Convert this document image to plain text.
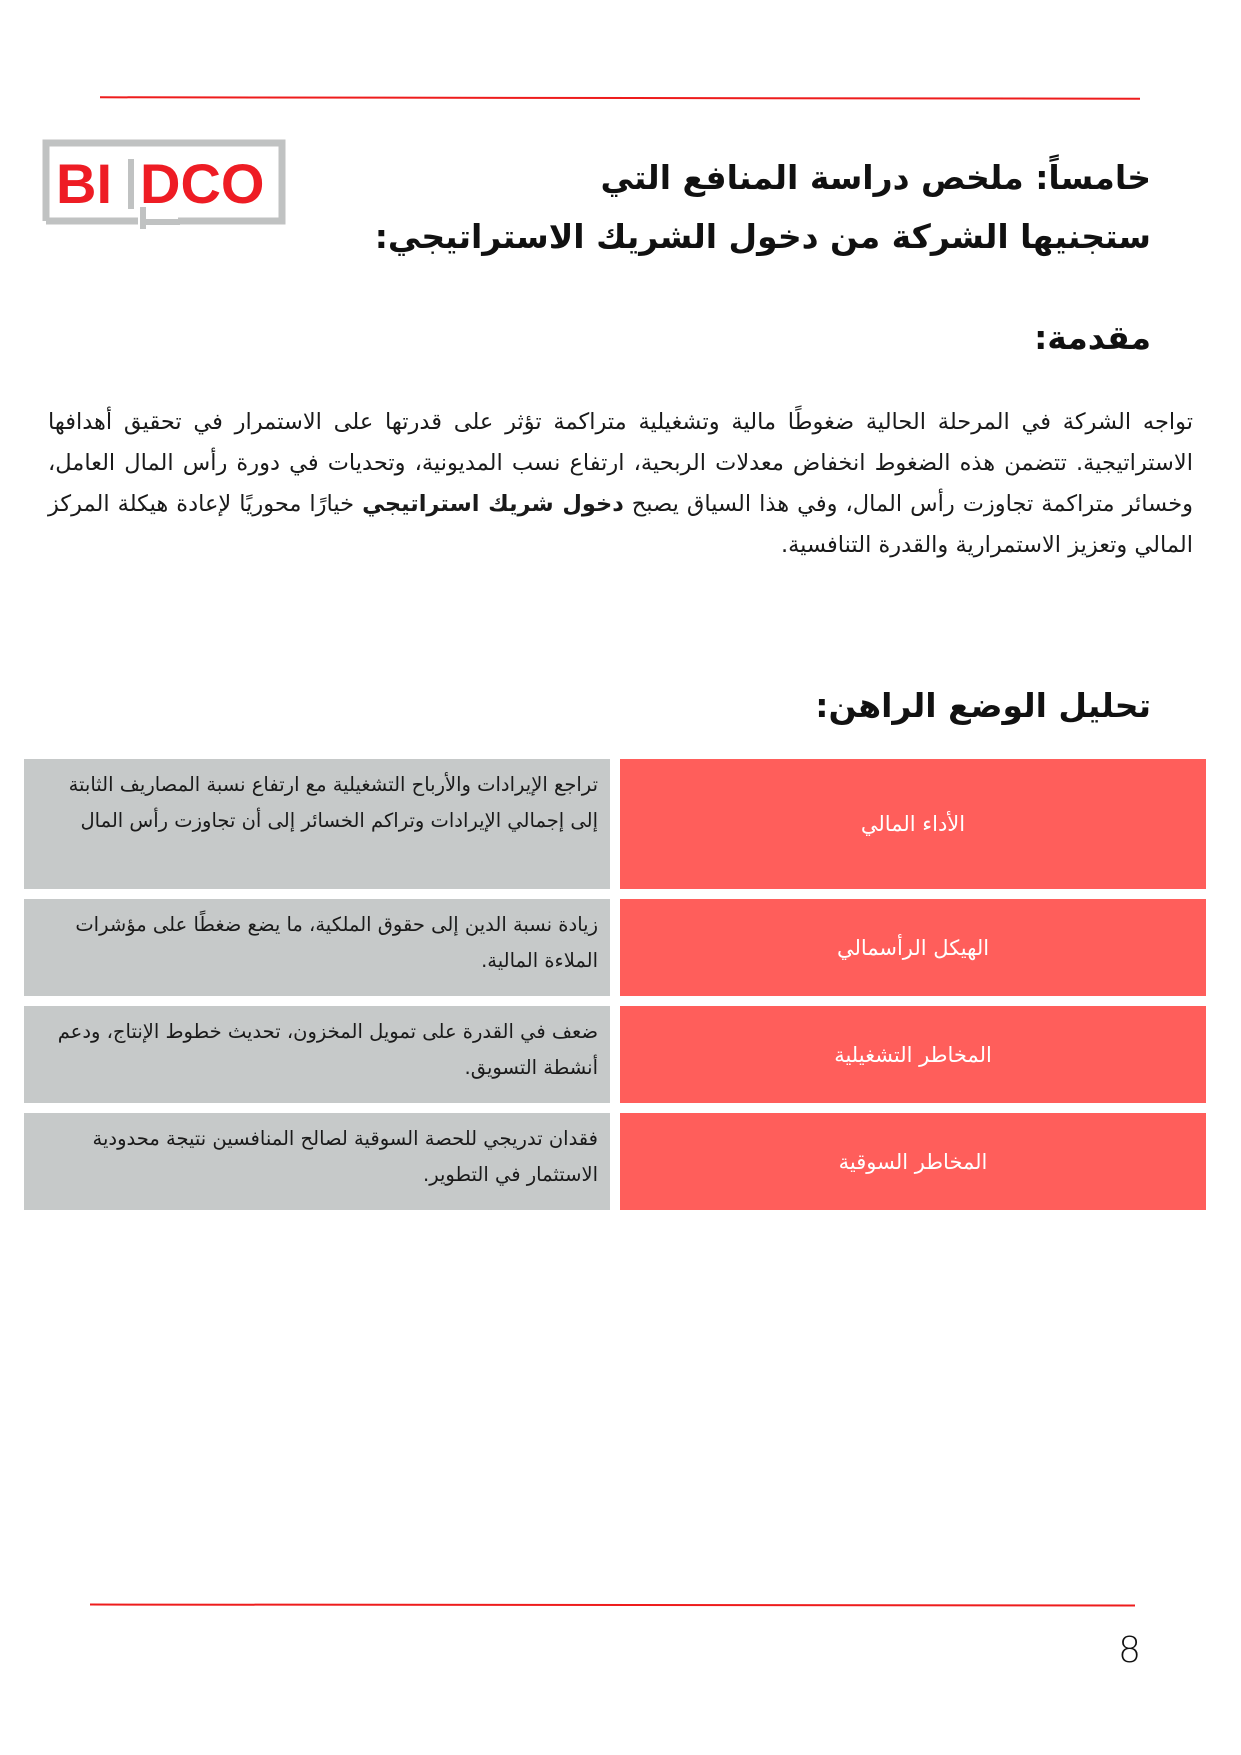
BI DCO	خامساً: ملخص دراسة المنافع التي
ستجنيها الشركة من دخول الشريك الاستراتيجي:
مقدمة:

تواجه الشركة في المرحلة الحالية ضغوطًا مالية وتشغيلية متراكمة تؤثر على قدرتها على الاستمرار في تحقيق أهدافها الاستراتيجية. تتضمن هذه الضغوط انخفاض معدلات الربحية، ارتفاع نسب المديونية، وتحديات في دورة رأس المال العامل، وخسائر متراكمة تجاوزت رأس المال، وفي هذا السياق يصبح دخول شريك استراتيجي خيارًا محوريًا لإعادة هيكلة المركز المالي وتعزيز الاستمرارية والقدرة التنافسية.

تحليل الوضع الراهن:
الأداء المالي
تراجع الإيرادات والأرباح التشغيلية مع ارتفاع نسبة المصاريف الثابتة إلى إجمالي الإيرادات وتراكم الخسائر إلى أن تجاوزت رأس المال
الهيكل الرأسمالي
زيادة نسبة الدين إلى حقوق الملكية، ما يضع ضغطًا على مؤشرات الملاءة المالية.
المخاطر التشغيلية
ضعف في القدرة على تمويل المخزون، تحديث خطوط الإنتاج، ودعم أنشطة التسويق.
المخاطر السوقية
فقدان تدريجي للحصة السوقية لصالح المنافسين نتيجة محدودية الاستثمار في التطوير.
8
